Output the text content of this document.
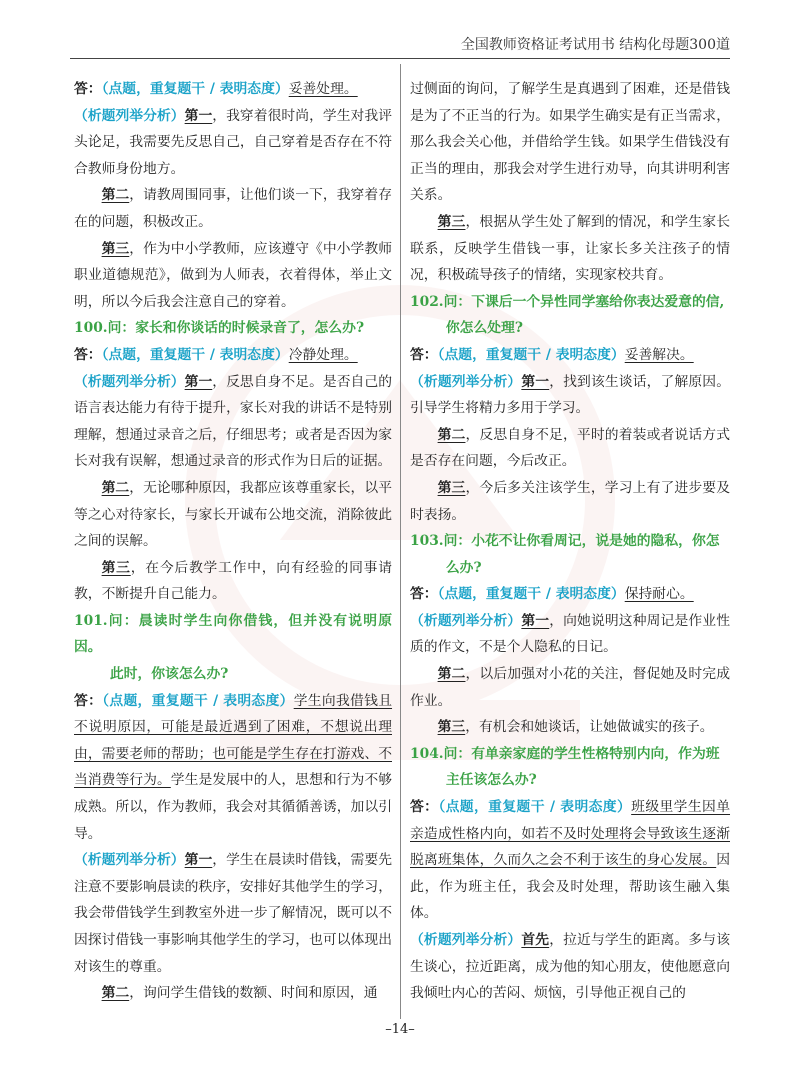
全国教师资格证考试用书 结构化母题300道

答：（点题，重复题干 / 表明态度）妥善处理。

（析题列举分析）第一，我穿着很时尚，学生对我评头论足，我需要先反思自己，自己穿着是否存在不符合教师身份地方。

第二，请教周围同事，让他们谈一下，我穿着存在的问题，积极改正。

第三，作为中小学教师，应该遵守《中小学教师职业道德规范》，做到为人师表，衣着得体，举止文明，所以今后我会注意自己的穿着。

100.问：家长和你谈话的时候录音了，怎么办?

答：（点题，重复题干 / 表明态度）冷静处理。

（析题列举分析）第一，反思自身不足。是否自己的语言表达能力有待于提升，家长对我的讲话不是特别理解，想通过录音之后，仔细思考；或者是否因为家长对我有误解，想通过录音的形式作为日后的证据。

第二，无论哪种原因，我都应该尊重家长，以平等之心对待家长，与家长开诚布公地交流，消除彼此之间的误解。

第三，在今后教学工作中，向有经验的同事请教，不断提升自己能力。

101.问：晨读时学生向你借钱，但并没有说明原因。
此时，你该怎么办?

答：（点题，重复题干 / 表明态度）学生向我借钱且不说明原因，可能是最近遇到了困难，不想说出理由，需要老师的帮助；也可能是学生存在打游戏、不当消费等行为。学生是发展中的人，思想和行为不够成熟。所以，作为教师，我会对其循循善诱，加以引导。

（析题列举分析）第一，学生在晨读时借钱，需要先注意不要影响晨读的秩序，安排好其他学生的学习，我会带借钱学生到教室外进一步了解情况，既可以不因探讨借钱一事影响其他学生的学习，也可以体现出对该生的尊重。

第二，询问学生借钱的数额、时间和原因，通

过侧面的询问，了解学生是真遇到了困难，还是借钱是为了不正当的行为。如果学生确实是有正当需求，那么我会关心他，并借给学生钱。如果学生借钱没有正当的理由，那我会对学生进行劝导，向其讲明利害关系。

第三，根据从学生处了解到的情况，和学生家长联系，反映学生借钱一事，让家长多关注孩子的情况，积极疏导孩子的情绪，实现家校共育。

102.问：下课后一个异性同学塞给你表达爱意的信,
你怎么处理?

答：（点题，重复题干 / 表明态度）妥善解决。

（析题列举分析）第一，找到该生谈话，了解原因。引导学生将精力多用于学习。

第二，反思自身不足，平时的着装或者说话方式是否存在问题，今后改正。

第三，今后多关注该学生，学习上有了进步要及时表扬。

103.问：小花不让你看周记，说是她的隐私，你怎
么办?

答：（点题，重复题干 / 表明态度）保持耐心。

（析题列举分析）第一，向她说明这种周记是作业性质的作文，不是个人隐私的日记。

第二，以后加强对小花的关注，督促她及时完成作业。

第三，有机会和她谈话，让她做诚实的孩子。

104.问：有单亲家庭的学生性格特别内向，作为班
主任该怎么办?

答：（点题，重复题干 / 表明态度）班级里学生因单亲造成性格内向，如若不及时处理将会导致该生逐渐脱离班集体，久而久之会不利于该生的身心发展。因此，作为班主任，我会及时处理，帮助该生融入集体。

（析题列举分析）首先，拉近与学生的距离。多与该生谈心，拉近距离，成为他的知心朋友，使他愿意向我倾吐内心的苦闷、烦恼，引导他正视自己的

–14–
